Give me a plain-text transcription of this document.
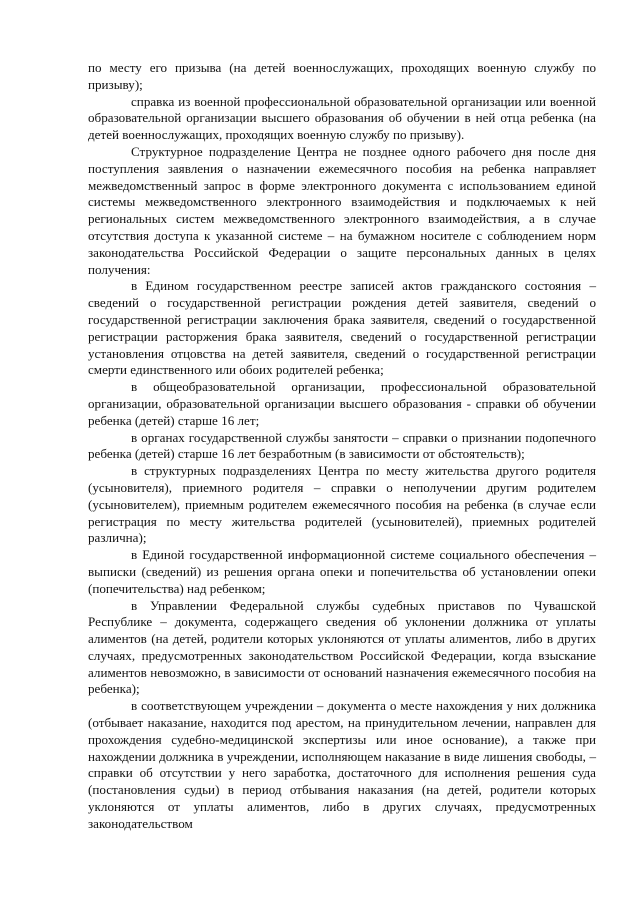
по месту его призыва (на детей военнослужащих, проходящих военную службу по призыву);

справка из военной профессиональной образовательной организации или военной образовательной организации высшего образования об обучении в ней отца ребенка (на детей военнослужащих, проходящих военную службу по призыву).

Структурное подразделение Центра не позднее одного рабочего дня после дня поступления заявления о назначении ежемесячного пособия на ребенка направляет межведомственный запрос в форме электронного документа с использованием единой системы межведомственного электронного взаимодействия и подключаемых к ней региональных систем межведомственного электронного взаимодействия, а в случае отсутствия доступа к указанной системе – на бумажном носителе с соблюдением норм законодательства Российской Федерации о защите персональных данных в целях получения:

в Едином государственном реестре записей актов гражданского состояния – сведений о государственной регистрации рождения детей заявителя, сведений о государственной регистрации заключения брака заявителя, сведений о государственной регистрации расторжения брака заявителя, сведений о государственной регистрации установления отцовства на детей заявителя, сведений о государственной регистрации смерти единственного или обоих родителей ребенка;

в общеобразовательной организации, профессиональной образовательной организации, образовательной организации высшего образования - справки об обучении ребенка (детей) старше 16 лет;

в органах государственной службы занятости – справки о признании подопечного ребенка (детей) старше 16 лет безработным (в зависимости от обстоятельств);

в структурных подразделениях Центра по месту жительства другого родителя (усыновителя), приемного родителя – справки о неполучении другим родителем (усыновителем), приемным родителем ежемесячного пособия на ребенка (в случае если регистрация по месту жительства родителей (усыновителей), приемных родителей различна);

в Единой государственной информационной системе социального обеспечения – выписки (сведений) из решения органа опеки и попечительства об установлении опеки (попечительства) над ребенком;

в Управлении Федеральной службы судебных приставов по Чувашской Республике – документа, содержащего сведения об уклонении должника от уплаты алиментов (на детей, родители которых уклоняются от уплаты алиментов, либо в других случаях, предусмотренных законодательством Российской Федерации, когда взыскание алиментов невозможно, в зависимости от оснований назначения ежемесячного пособия на ребенка);

в соответствующем учреждении – документа о месте нахождения у них должника (отбывает наказание, находится под арестом, на принудительном лечении, направлен для прохождения судебно-медицинской экспертизы или иное основание), а также при нахождении должника в учреждении, исполняющем наказание в виде лишения свободы, – справки об отсутствии у него заработка, достаточного для исполнения решения суда (постановления судьи) в период отбывания наказания (на детей, родители которых уклоняются от уплаты алиментов, либо в других случаях, предусмотренных законодательством
